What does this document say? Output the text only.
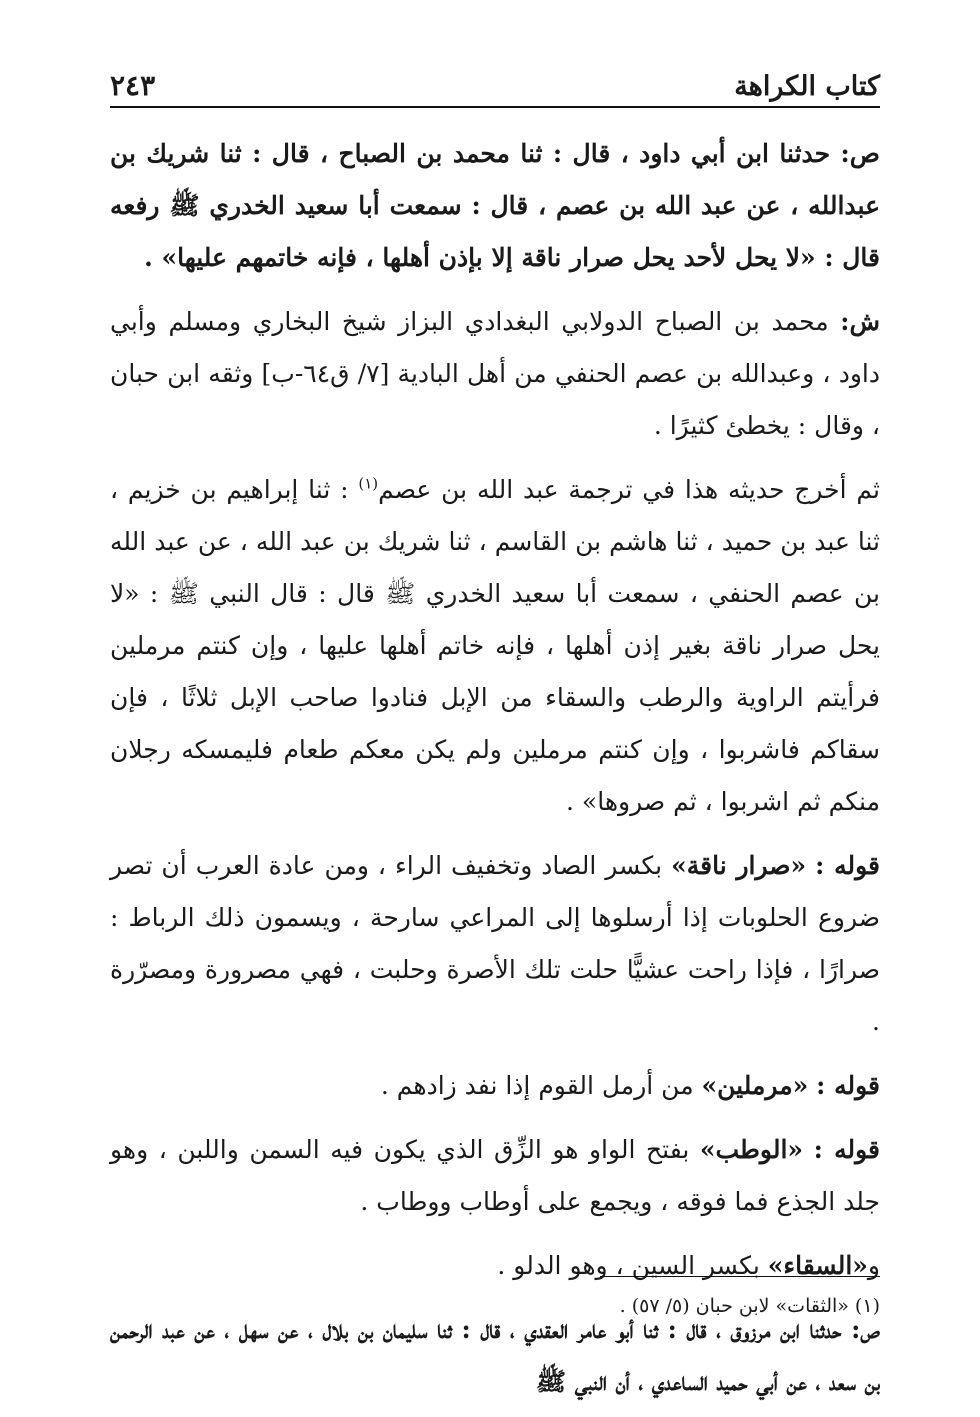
كتاب الكراهة
٢٤٣

ص: حدثنا ابن أبي داود ، قال : ثنا محمد بن الصباح ، قال : ثنا شريك بن عبدالله ، عن عبد الله بن عصم ، قال : سمعت أبا سعيد الخدري ﷺ رفعه قال : «لا يحل لأحد يحل صرار ناقة إلا بإذن أهلها ، فإنه خاتمهم عليها» .

ش: محمد بن الصباح الدولابي البغدادي البزاز شيخ البخاري ومسلم وأبي داود ، وعبدالله بن عصم الحنفي من أهل البادية [٧/ ق٦٤-ب] وثقه ابن حبان ، وقال : يخطئ كثيرًا .

ثم أخرج حديثه هذا في ترجمة عبد الله بن عصم$^{(١)}$ : ثنا إبراهيم بن خزيم ، ثنا عبد بن حميد ، ثنا هاشم بن القاسم ، ثنا شريك بن عبد الله ، عن عبد الله بن عصم الحنفي ، سمعت أبا سعيد الخدري ﷺ قال : قال النبي ﷺ : «لا يحل صرار ناقة بغير إذن أهلها ، فإنه خاتم أهلها عليها ، وإن كنتم مرملين فرأيتم الراوية والرطب والسقاء من الإبل فنادوا صاحب الإبل ثلاثًا ، فإن سقاكم فاشربوا ، وإن كنتم مرملين ولم يكن معكم طعام فليمسكه رجلان منكم ثم اشربوا ، ثم صروها» .

قوله : «صرار ناقة» بكسر الصاد وتخفيف الراء ، ومن عادة العرب أن تصر ضروع الحلوبات إذا أرسلوها إلى المراعي سارحة ، ويسمون ذلك الرباط : صرارًا ، فإذا راحت عشيًّا حلت تلك الأصرة وحلبت ، فهي مصرورة ومصرّرة .

قوله : «مرملين» من أرمل القوم إذا نفد زادهم .

قوله : «الوطب» بفتح الواو هو الزِّق الذي يكون فيه السمن واللبن ، وهو جلد الجذع فما فوقه ، ويجمع على أوطاب ووطاب .

و«السقاء» بكسر السين ، وهو الدلو .

ص: حدثنا ابن مرزوق ، قال : ثنا أبو عامر العقدي ، قال : ثنا سليمان بن بلال ، عن سهل ، عن عبد الرحمن بن سعد ، عن أبي حميد الساعدي ، أن النبي ﷺ

(١) «الثقات» لابن حبان (٥/ ٥٧) .
